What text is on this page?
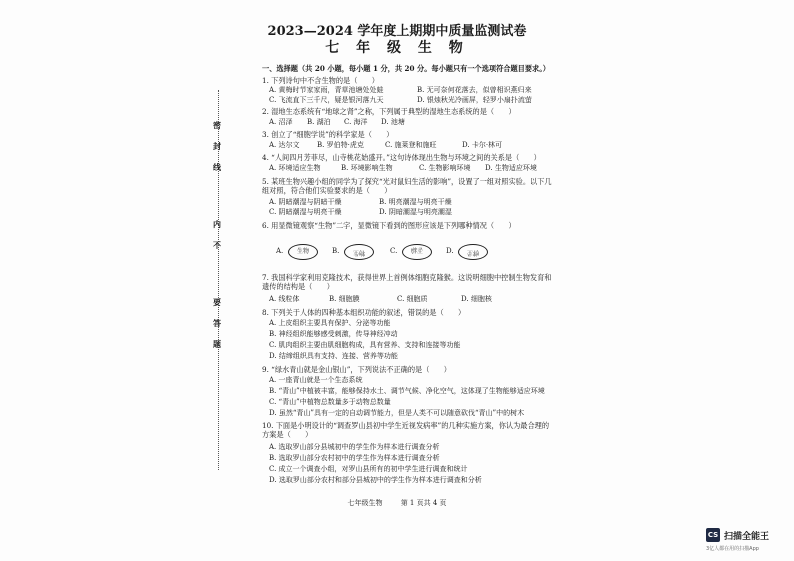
2023—2024 学年度上期期中质量监测试卷
七 年 级 生 物
密
封
线
内
不
要
答
题
一、选择题（共 20 小题，每小题 1 分，共 20 分。每小题只有一个选项符合题目要求。）
1. 下列诗句中不含生物的是（　　）
A. 黄梅时节家家雨，青草池塘处处蛙	B. 无可奈何花落去，似曾相识燕归来
C. 飞流直下三千尺，疑是银河落九天	D. 银烛秋光冷画屏，轻罗小扇扑流萤
2. 湿地生态系统有“地球之肾”之称，下列属于典型的湿地生态系统的是（　　）
A. 沼泽 B. 湖泊 C. 海洋 D. 池塘
3. 创立了“细胞学说”的科学家是（　　）
A. 达尔文 B. 罗伯特·虎克	C. 施莱登和施旺	D. 卡尔·林可
4. “人间四月芳菲尽，山寺桃花始盛开。”这句诗体现出生物与环境之间的关系是（　　）
A. 环境适应生物	B. 环境影响生物	C. 生物影响环境 D. 生物适应环境
5. 某班生物兴趣小组的同学为了探究“光对鼠妇生活的影响”，设置了一组对照实验。以下几组对照，符合他们实验要求的是（　　）
A. 阴暗潮湿与阴暗干燥	B. 明亮潮湿与明亮干燥
C. 阴暗潮湿与明亮干燥	D. 阴暗潮湿与明亮潮湿
6. 用显微镜观察“生物”二字，显微镜下看到的图形应该是下列哪种情况（　　）
A.	生物	B.	物生	C.	生物	D.	生物
7. 我国科学家利用克隆技术，获得世界上首例体细胞克隆猴。这说明细胞中控制生物发育和遗传的结构是（　　）
A. 线粒体	B. 细胞膜	C. 细胞质	D. 细胞核
8. 下列关于人体的四种基本组织功能的叙述，错误的是（　　）
A. 上皮组织主要具有保护、分泌等功能
B. 神经组织能够感受刺激，传导神经冲动
C. 肌肉组织主要由肌细胞构成，具有营养、支持和连接等功能
D. 结缔组织具有支持、连接、营养等功能
9. “绿水青山就是金山银山”，下列说法不正确的是（　　）
A. 一座青山就是一个生态系统
B. “青山”中植被丰富，能够保持水土、调节气候、净化空气，这体现了生物能够适应环境
C. “青山”中植物总数量多于动物总数量
D. 虽然“青山”具有一定的自动调节能力，但是人类不可以随意砍伐“青山”中的树木
10. 下面是小明设计的“调查罗山县初中学生近视发病率”的几种实施方案，你认为最合理的方案是（　　）
A. 选取罗山部分县城初中的学生作为样本进行调查分析
B. 选取罗山部分农村初中的学生作为样本进行调查分析
C. 成立一个调查小组，对罗山县所有的初中学生进行调查和统计
D. 选取罗山部分农村和部分县城初中的学生作为样本进行调查和分析
七年级生物	第 1 页共 4 页
CS 扫描全能王
3亿人都在用的扫描App
